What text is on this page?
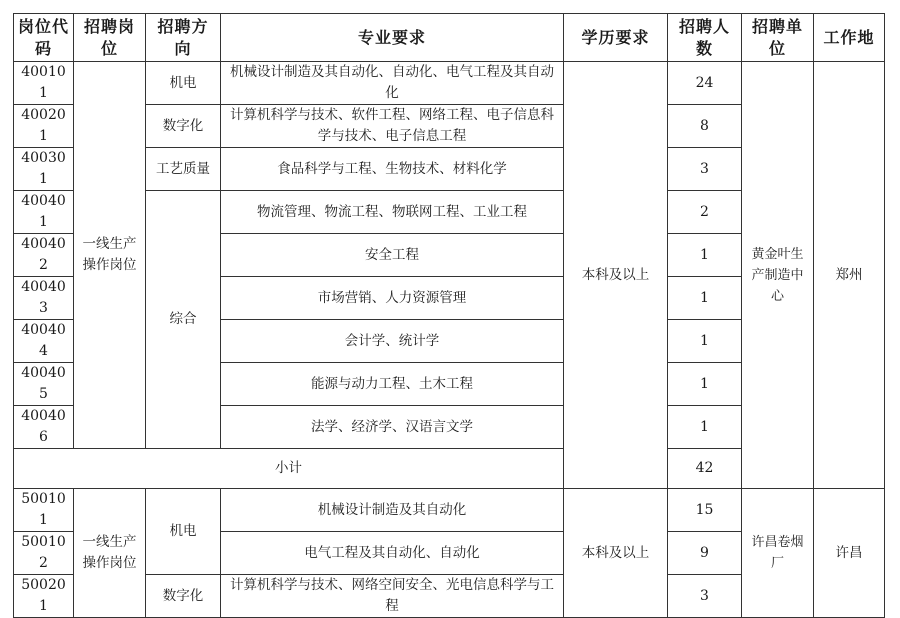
岗位代码	招聘岗位	招聘方向	专业要求	学历要求	招聘人数	招聘单位	工作地
400101	一线生产操作岗位	机电	机械设计制造及其自动化、自动化、电气工程及其自动化	本科及以上	24	黄金叶生产制造中心	郑州
400201		数字化	计算机科学与技术、软件工程、网络工程、电子信息科学与技术、电子信息工程		8		
400301		工艺质量	食品科学与工程、生物技术、材料化学		3		
400401		综合	物流管理、物流工程、物联网工程、工业工程		2		
400402			安全工程		1		
400403			市场营销、人力资源管理		1		
400404			会计学、统计学		1		
400405			能源与动力工程、土木工程		1		
400406			法学、经济学、汉语言文学		1		
小计					42		
500101	一线生产操作岗位	机电	机械设计制造及其自动化	本科及以上	15	许昌卷烟厂	许昌
500102			电气工程及其自动化、自动化		9		
500201		数字化	计算机科学与技术、网络空间安全、光电信息科学与工程		3		
